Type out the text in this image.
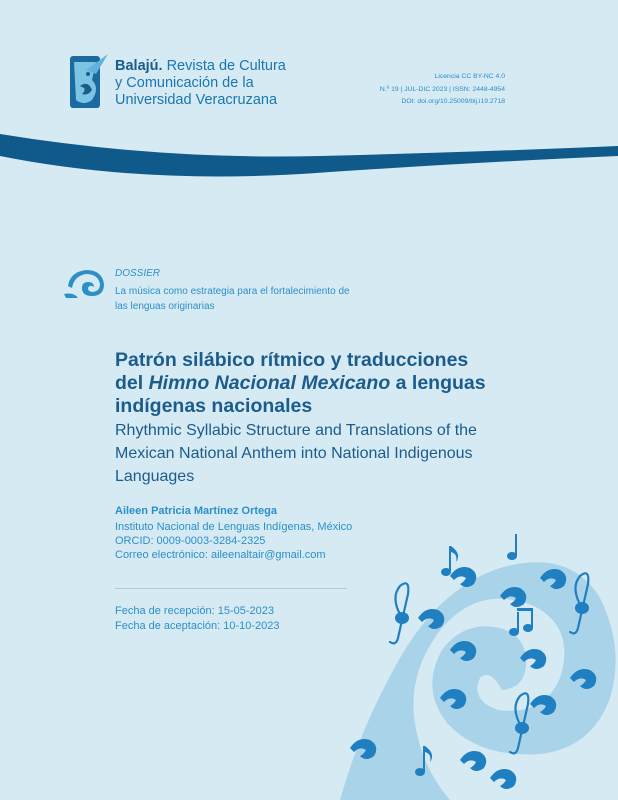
Balajú. Revista de Cultura
y Comunicación de la
Universidad Veracruzana
Licencia CC BY-NC 4.0
N.º 19 | JUL-DIC 2023 | ISSN: 2448-4954
DOI: doi.org/10.25009/blj.i19.2718
DOSSIER
La música como estrategia para el fortalecimiento de
las lenguas originarias
Patrón silábico rítmico y traducciones
del Himno Nacional Mexicano a lenguas
indígenas nacionales
Rhythmic Syllabic Structure and Translations of the
Mexican National Anthem into National Indigenous
Languages
Aileen Patricia Martínez Ortega
Instituto Nacional de Lenguas Indígenas, México
ORCID: 0009-0003-3284-2325
Correo electrónico: aileenaltair@gmail.com
Fecha de recepción: 15-05-2023
Fecha de aceptación: 10-10-2023
